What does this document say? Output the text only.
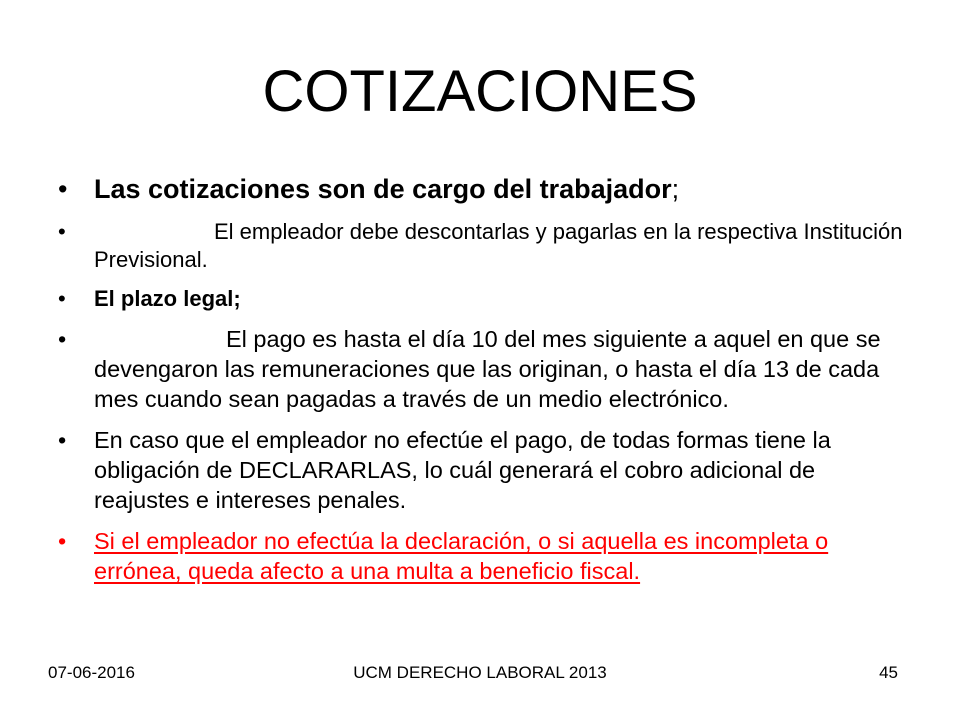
COTIZACIONES
• Las cotizaciones son de cargo del trabajador;
•	El empleador debe descontarlas y pagarlas en la respectiva Institución Previsional.
• El plazo legal;
•	El pago es hasta el día 10 del mes siguiente a aquel en que se devengaron las remuneraciones que las originan, o hasta el día 13 de cada mes cuando sean pagadas a través de un medio electrónico.
• En caso que el empleador no efectúe el pago, de todas formas tiene la obligación de DECLARARLAS, lo cuál generará el cobro adicional de reajustes e intereses penales.
• Si el empleador no efectúa la declaración, o si aquella es incompleta o errónea, queda afecto a una multa a beneficio fiscal.
07-06-2016	UCM DERECHO LABORAL 2013	45
